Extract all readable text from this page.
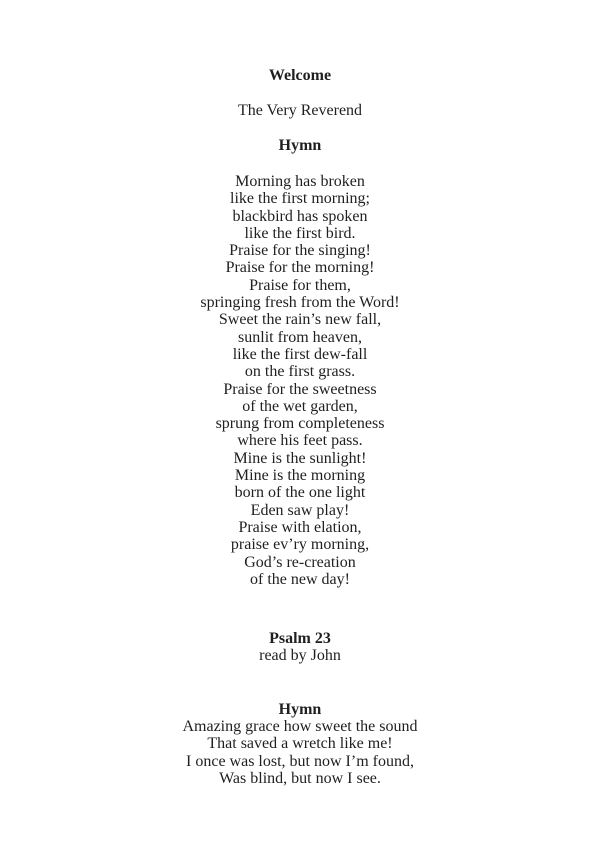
Welcome
The Very Reverend
Hymn
Morning has broken
like the first morning;
blackbird has spoken
like the first bird.
Praise for the singing!
Praise for the morning!
Praise for them,
springing fresh from the Word!
Sweet the rain’s new fall,
sunlit from heaven,
like the first dew-fall
on the first grass.
Praise for the sweetness
of the wet garden,
sprung from completeness
where his feet pass.
Mine is the sunlight!
Mine is the morning
born of the one light
Eden saw play!
Praise with elation,
praise ev’ry morning,
God’s re-creation
of the new day!
Psalm 23
read by John
Hymn
Amazing grace how sweet the sound
That saved a wretch like me!
I once was lost, but now I’m found,
Was blind, but now I see.
